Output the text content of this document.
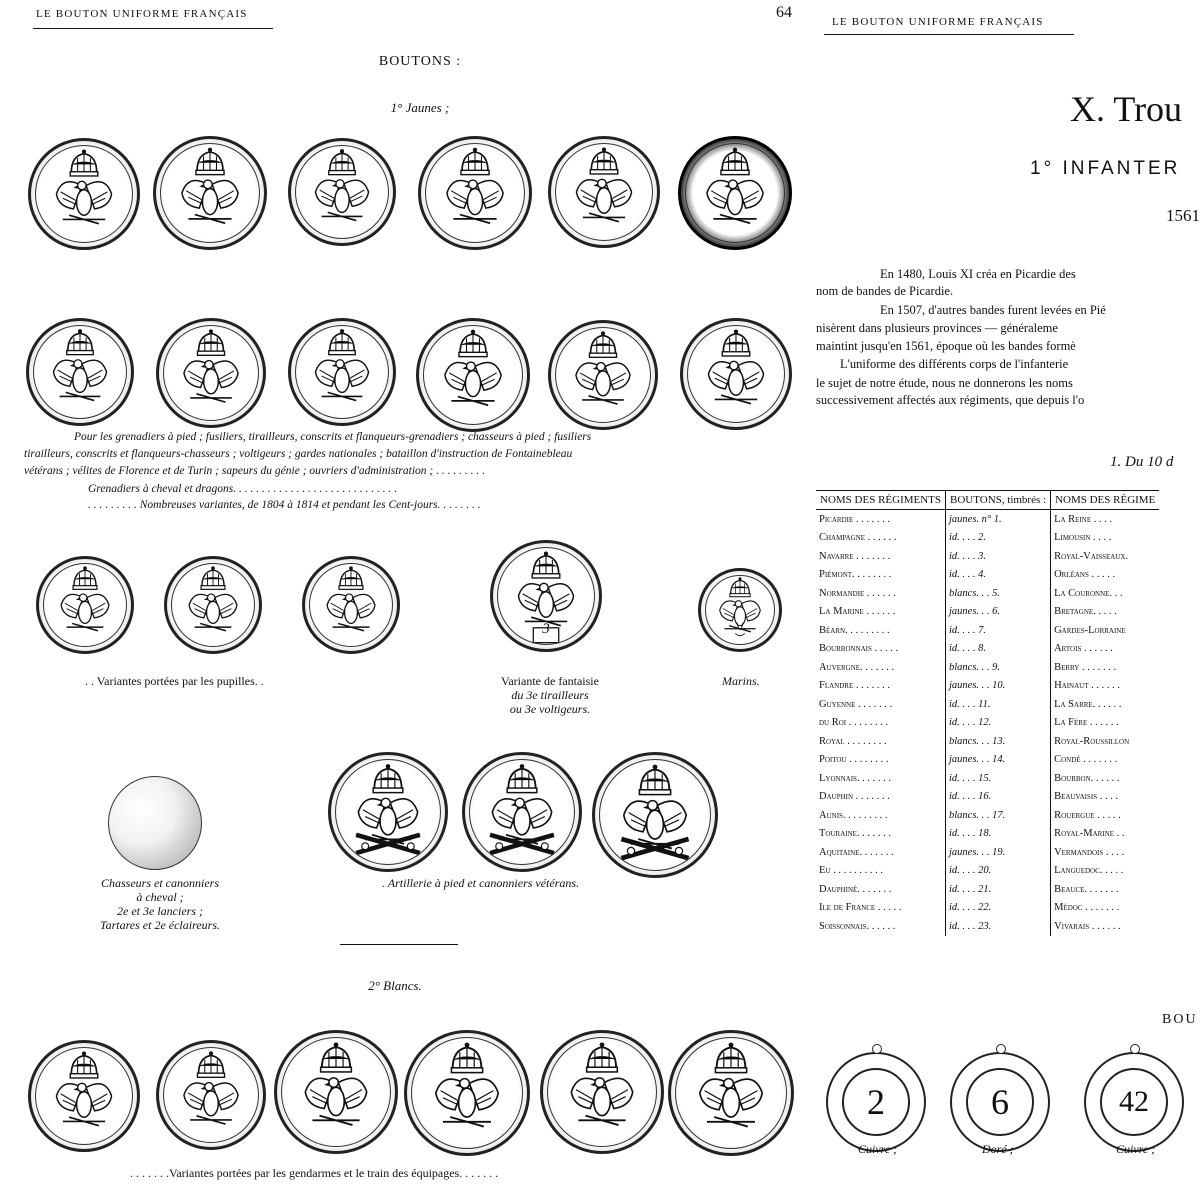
LE BOUTON UNIFORME FRANÇAIS	64
BOUTONS :
1° Jaunes ;
. . Variantes portées par les pupilles. .	Variante de fantaisie
du 3e tirailleurs
ou 3e voltigeurs.
Marins.
Chasseurs et canonniers
à cheval ;
2e et 3e lanciers ;
Tartares et 2e éclaireurs.
. Artillerie à pied et canonniers vétérans.
2° Blancs.
. . . . . . .Variantes portées par les gendarmes et le train des équipages. . . . . . .
Pour les grenadiers à pied ; fusiliers, tirailleurs, conscrits et flanqueurs-grenadiers ; chasseurs à pied ; fusiliers
tirailleurs, conscrits et flanqueurs-chasseurs ; voltigeurs ; gardes nationales ; bataillon d'instruction de Fontainebleau
vétérans ; vélites de Florence et de Turin ; sapeurs du génie ; ouvriers d'administration ; . . . . . . . . .
Grenadiers à cheval et dragons. . . . . . . . . . . . . . . . . . . . . . . . . . . . .
. . . . . . . . . Nombreuses variantes, de 1804 à 1814 et pendant les Cent-jours. . . . . . . .
3
LE BOUTON UNIFORME FRANÇAIS
X. Trou
1° INFANTER
1561
1. Du 10 d
NOMS DES RÉGIMENTS	BOUTONS, timbrés :	NOMS DES RÉGIME
Picardie . . . . . . .	jaunes. n° 1.	La Reine . . . .
Champagne . . . . . .	id. . . . 2.	Limousin . . . .
Navarre . . . . . . .	id. . . . 3.	Royal-Vaisseaux.
Piémont. . . . . . . .	id. . . . 4.	Orléans . . . . .
Normandie . . . . . .	blancs. . . 5.	La Couronne. . .
La Marine . . . . . .	jaunes. . . 6.	Bretagne. . . . .
Béarn. . . . . . . . .	id. . . . 7.	Gardes-Lorraine
Bourbonnais . . . . .	id. . . . 8.	Artois . . . . . .
Auvergne. . . . . . .	blancs. . . 9.	Berry . . . . . . .
Flandre . . . . . . .	jaunes. . . 10.	Hainaut . . . . . .
Guyenne . . . . . . .	id. . . . 11.	La Sarre. . . . . .
du Roi . . . . . . . .	id. . . . 12.	La Fère . . . . . .
Royal . . . . . . . .	blancs. . . 13.	Royal-Roussillon
Poitou . . . . . . . .	jaunes. . . 14.	Condé . . . . . . .
Lyonnais. . . . . . .	id. . . . 15.	Bourbon. . . . . .
Dauphin . . . . . . .	id. . . . 16.	Beauvaisis . . . .
Aunis. . . . . . . . .	blancs. . . 17.	Rouergue . . . . .
Touraine. . . . . . .	id. . . . 18.	Royal-Marine . .
Aquitaine. . . . . . .	jaunes. . . 19.	Vermandois . . . .
Eu . . . . . . . . . .	id. . . . 20.	Languedoc. . . . .
Dauphiné. . . . . . .	id. . . . 21.	Beauce. . . . . . .
Ile de France . . . . .	id. . . . 22.	Médoc . . . . . . .
Soissonnais. . . . . .	id. . . . 23.	Vivarais . . . . . .
BOU
En 1480, Louis XI créa en Picardie des
nom de bandes de Picardie.
En 1507, d'autres bandes furent levées en Pié
nisèrent dans plusieurs provinces — généraleme
maintint jusqu'en 1561, époque où les bandes formè
L'uniforme des différents corps de l'infanterie
le sujet de notre étude, nous ne donnerons les noms
successivement affectés aux régiments, que depuis l'o
2
Cuivre ;
6
Doré ;
42
Cuivre ;
